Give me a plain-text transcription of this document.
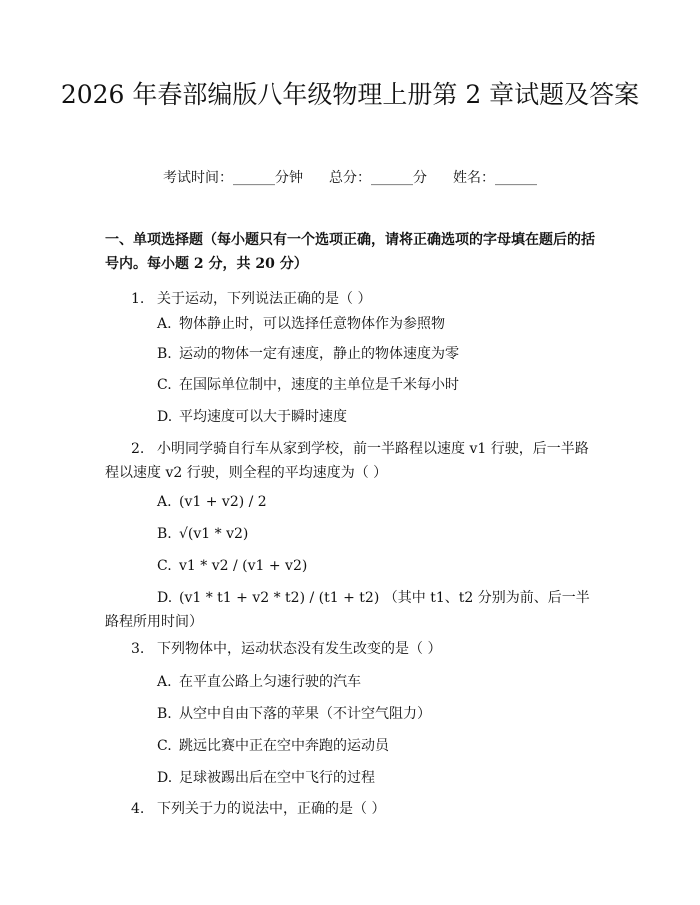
2026 年春部编版八年级物理上册第 2 章试题及答案
考试时间：______分钟 总分：______分 姓名：______

一、单项选择题（每小题只有一个选项正确，请将正确选项的字母填在题后的括号内。每小题 2 分，共 20 分）

1. 关于运动，下列说法正确的是（ ）

A. 物体静止时，可以选择任意物体作为参照物

B. 运动的物体一定有速度，静止的物体速度为零

C. 在国际单位制中，速度的主单位是千米每小时

D. 平均速度可以大于瞬时速度

2. 小明同学骑自行车从家到学校，前一半路程以速度 v1 行驶，后一半路程以速度 v2 行驶，则全程的平均速度为（ ）

A. (v1 + v2) / 2

B. √(v1 * v2)

C. v1 * v2 / (v1 + v2)

D. (v1 * t1 + v2 * t2) / (t1 + t2) （其中 t1、t2 分别为前、后一半路程所用时间）

3. 下列物体中，运动状态没有发生改变的是（ ）

A. 在平直公路上匀速行驶的汽车

B. 从空中自由下落的苹果（不计空气阻力）

C. 跳远比赛中正在空中奔跑的运动员

D. 足球被踢出后在空中飞行的过程

4. 下列关于力的说法中，正确的是（ ）
